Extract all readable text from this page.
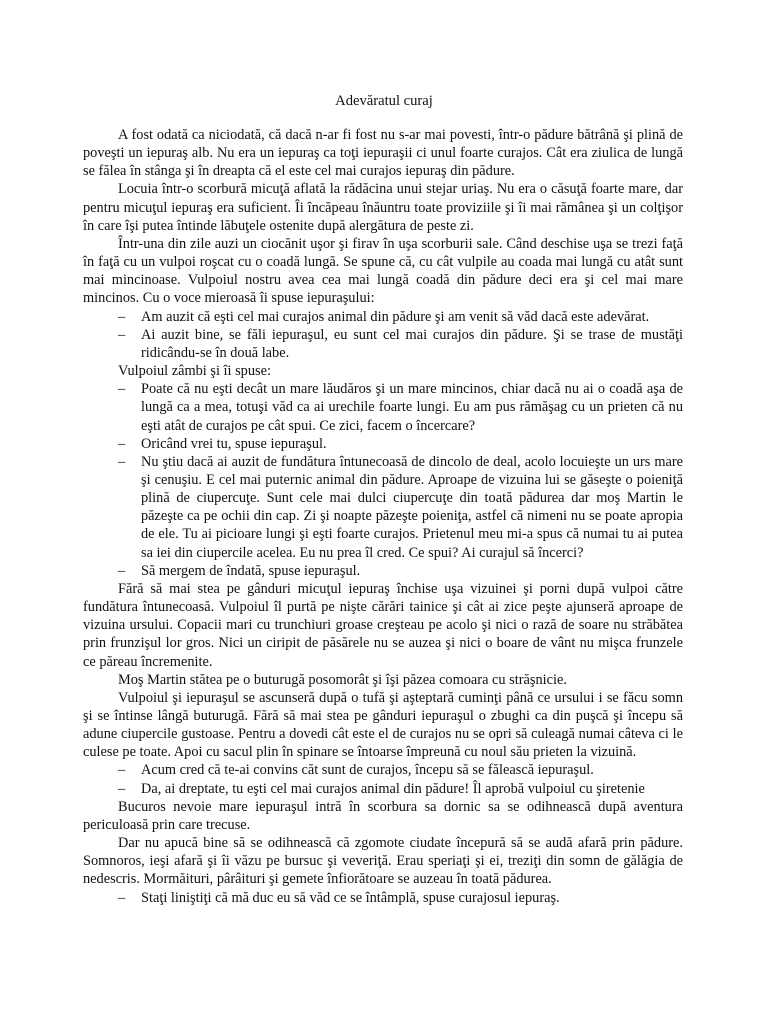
Adevăratul curaj

A fost odată ca niciodată, că dacă n-ar fi fost nu s-ar mai povesti, într-o pădure bătrână şi plină de poveşti un iepuraş alb. Nu era un iepuraş ca toţi iepuraşii ci unul foarte curajos. Cât era ziulica de lungă se fălea în stânga şi în dreapta că el este cel mai curajos iepuraş din pădure.

Locuia într-o scorbură micuţă aflată la rădăcina unui stejar uriaş. Nu era o căsuţă foarte mare, dar pentru micuţul iepuraş era suficient. Îi încăpeau înăuntru toate proviziile şi îi mai rămânea şi un colţişor în care îşi putea întinde lăbuţele ostenite după alergătura de peste zi.

Într-una din zile auzi un ciocănit uşor şi firav în uşa scorburii sale. Când deschise uşa se trezi faţă în faţă cu un vulpoi roşcat cu o coadă lungă. Se spune că, cu cât vulpile au coada mai lungă cu atât sunt mai mincinoase. Vulpoiul nostru avea cea mai lungă coadă din pădure deci era şi cel mai mare mincinos. Cu o voce mieroasă îi spuse iepuraşului:

– Am auzit că eşti cel mai curajos animal din pădure şi am venit să văd dacă este adevărat.

– Ai auzit bine, se făli iepuraşul, eu sunt cel mai curajos din pădure. Şi se trase de mustăţi ridicându-se în două labe.

Vulpoiul zâmbi şi îi spuse:

– Poate că nu eşti decât un mare lăudăros şi un mare mincinos, chiar dacă nu ai o coadă aşa de lungă ca a mea, totuşi văd ca ai urechile foarte lungi. Eu am pus rămăşag cu un prieten că nu eşti atât de curajos pe cât spui. Ce zici, facem o încercare?

– Oricând vrei tu, spuse iepuraşul.

– Nu ştiu dacă ai auzit de fundătura întunecoasă de dincolo de deal, acolo locuieşte un urs mare şi cenuşiu. E cel mai puternic animal din pădure. Aproape de vizuina lui se găseşte o poieniţă plină de ciupercuţe. Sunt cele mai dulci ciupercuţe din toată pădurea dar moş Martin le păzeşte ca pe ochii din cap. Zi şi noapte păzeşte poieniţa, astfel că nimeni nu se poate apropia de ele. Tu ai picioare lungi şi eşti foarte curajos. Prietenul meu mi-a spus că numai tu ai putea sa iei din ciupercile acelea. Eu nu prea îl cred. Ce spui? Ai curajul să încerci?

– Să mergem de îndată, spuse iepuraşul.

Fără să mai stea pe gânduri micuţul iepuraş închise uşa vizuinei şi porni după vulpoi către fundătura întunecoasă. Vulpoiul îl purtă pe nişte cărări tainice şi cât ai zice peşte ajunseră aproape de vizuina ursului. Copacii mari cu trunchiuri groase creşteau pe acolo şi nici o rază de soare nu străbătea prin frunzişul lor gros. Nici un ciripit de păsărele nu se auzea şi nici o boare de vânt nu mişca frunzele ce păreau încremenite.

Moş Martin stătea pe o buturugă posomorât şi îşi păzea comoara cu străşnicie.

Vulpoiul şi iepuraşul se ascunseră după o tufă şi aşteptară cuminţi până ce ursului i se făcu somn şi se întinse lângă buturugă. Fără să mai stea pe gânduri iepuraşul o zbughi ca din puşcă şi începu să adune ciupercile gustoase. Pentru a dovedi cât este el de curajos nu se opri să culeagă numai câteva ci le culese pe toate. Apoi cu sacul plin în spinare se întoarse împreună cu noul său prieten la vizuină.

– Acum cred că te-ai convins căt sunt de curajos, începu să se fălească iepuraşul.

– Da, ai dreptate, tu eşti cel mai curajos animal din pădure! Îl aprobă vulpoiul cu şiretenie

Bucuros nevoie mare iepuraşul intră în scorbura sa dornic sa se odihnească după aventura periculoasă prin care trecuse.

Dar nu apucă bine să se odihnească că zgomote ciudate începură să se audă afară prin pădure. Somnoros, ieşi afară şi îi văzu pe bursuc şi veveriţă. Erau speriaţi şi ei, treziţi din somn de gălăgia de nedescris. Mormăituri, pârâituri şi gemete înfiorătoare se auzeau în toată pădurea.

– Staţi liniştiţi că mă duc eu să văd ce se întâmplă, spuse curajosul iepuraş.
